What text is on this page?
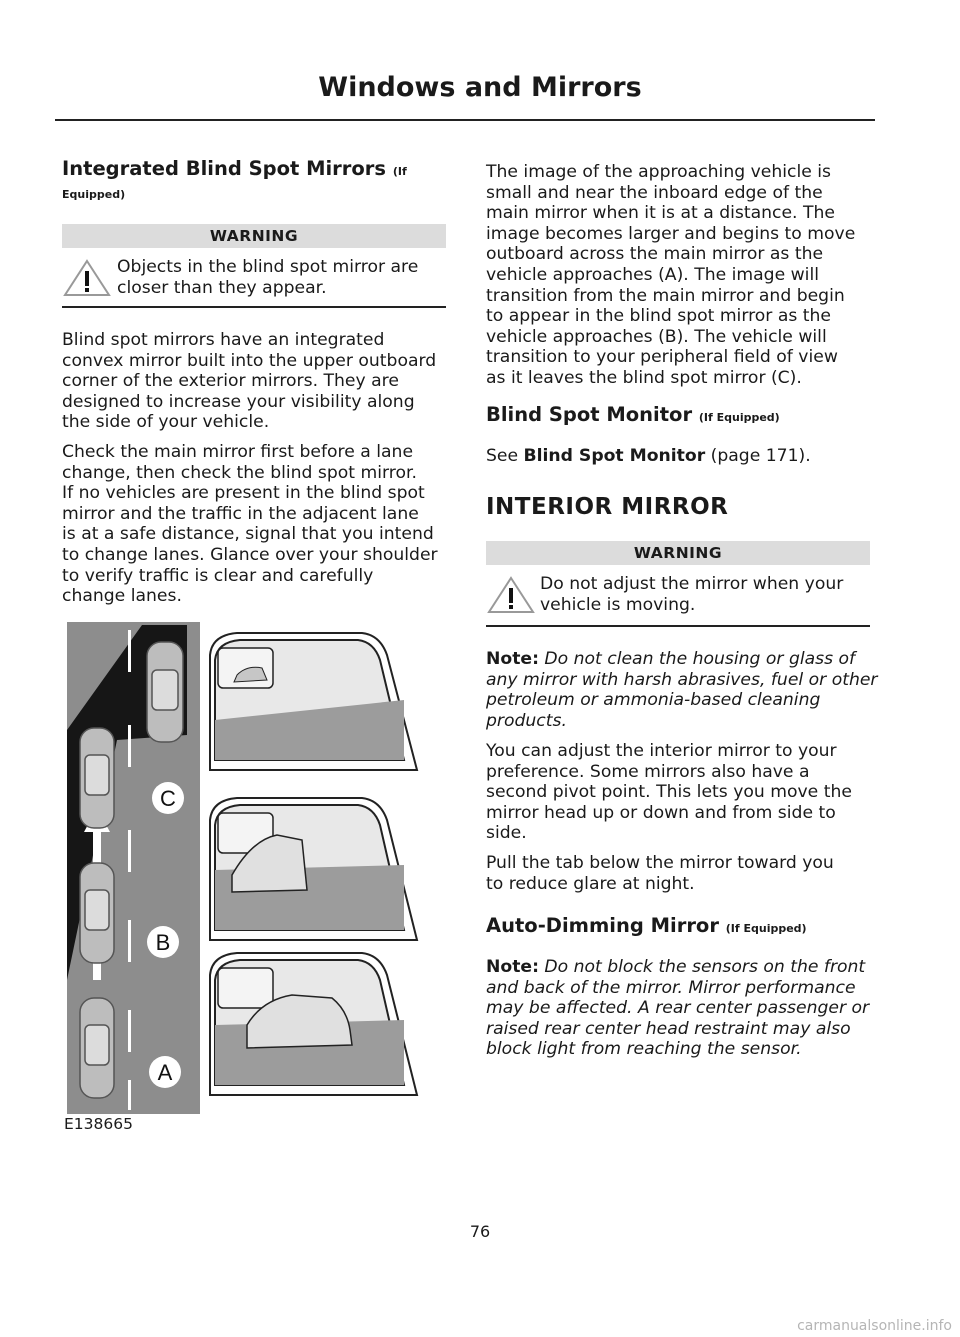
Windows and Mirrors
Integrated Blind Spot Mirrors (If
Equipped)
WARNING
Objects in the blind spot mirror are
closer than they appear.
Blind spot mirrors have an integrated
convex mirror built into the upper outboard
corner of the exterior mirrors. They are
designed to increase your visibility along
the side of your vehicle.
Check the main mirror first before a lane
change, then check the blind spot mirror.
If no vehicles are present in the blind spot
mirror and the traffic in the adjacent lane
is at a safe distance, signal that you intend
to change lanes. Glance over your shoulder
to verify traffic is clear and carefully
change lanes.
C
B
A
E138665
The image of the approaching vehicle is
small and near the inboard edge of the
main mirror when it is at a distance. The
image becomes larger and begins to move
outboard across the main mirror as the
vehicle approaches (A). The image will
transition from the main mirror and begin
to appear in the blind spot mirror as the
vehicle approaches (B). The vehicle will
transition to your peripheral field of view
as it leaves the blind spot mirror (C).
Blind Spot Monitor (If Equipped)
See Blind Spot Monitor (page 171).
INTERIOR MIRROR
WARNING
Do not adjust the mirror when your
vehicle is moving.
Note: Do not clean the housing or glass of
any mirror with harsh abrasives, fuel or other
petroleum or ammonia-based cleaning
products.
You can adjust the interior mirror to your
preference. Some mirrors also have a
second pivot point. This lets you move the
mirror head up or down and from side to
side.
Pull the tab below the mirror toward you
to reduce glare at night.
Auto-Dimming Mirror (If Equipped)
Note: Do not block the sensors on the front
and back of the mirror. Mirror performance
may be affected. A rear center passenger or
raised rear center head restraint may also
block light from reaching the sensor.
76
carmanualsonline.info
